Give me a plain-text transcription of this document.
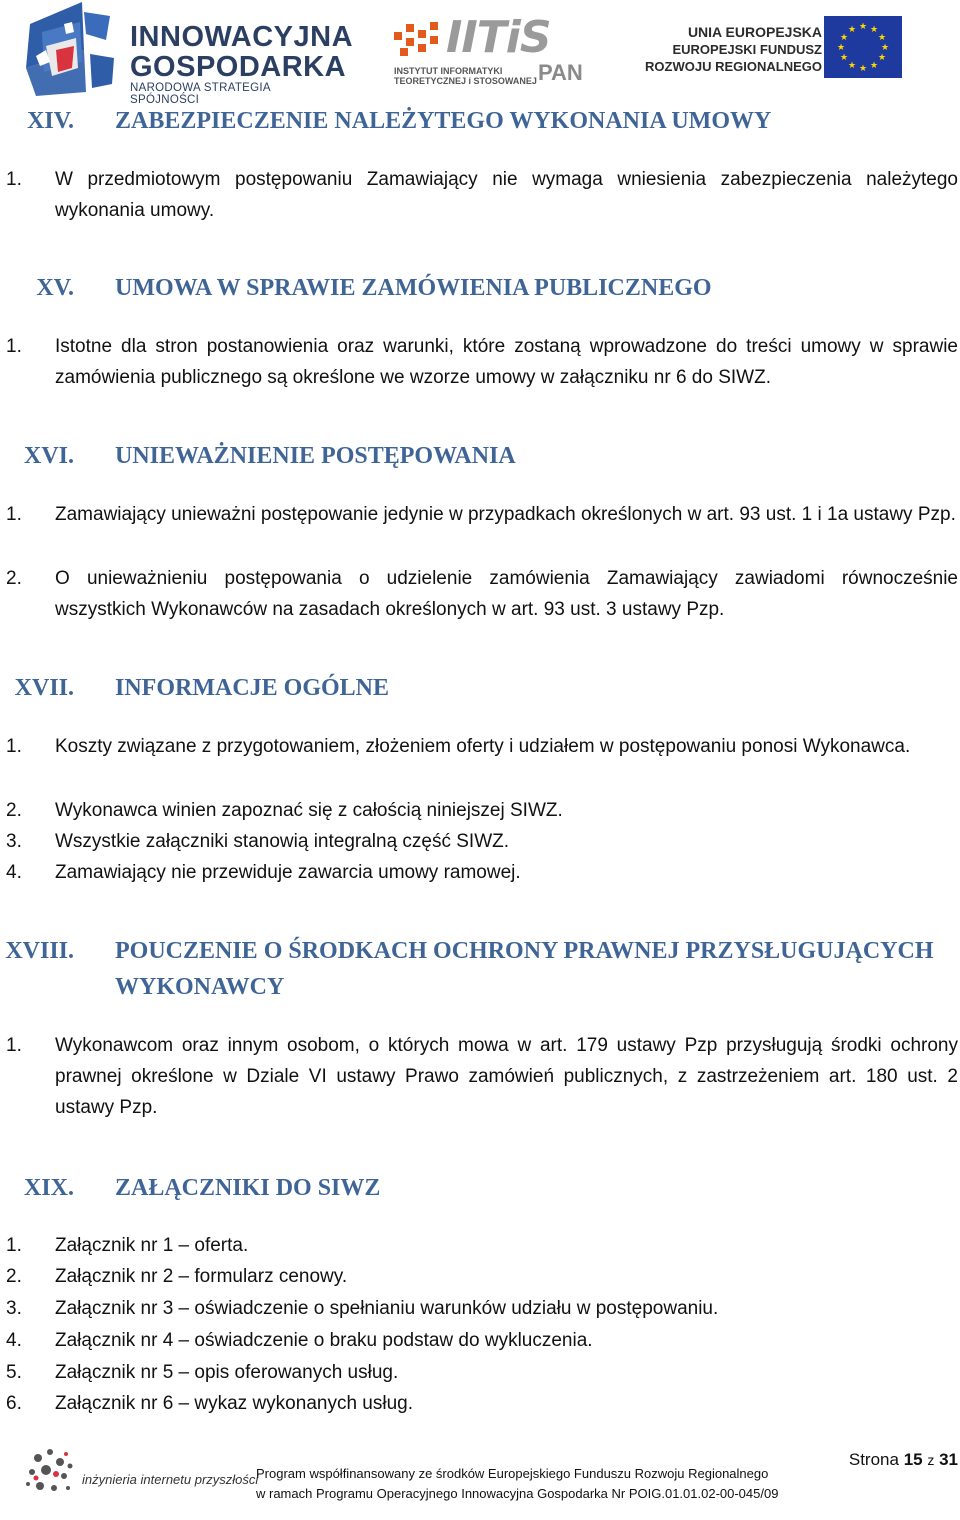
INNOWACYJNA
GOSPODARKA
NARODOWA STRATEGIA SPÓJNOŚCI
IITiS
INSTYTUT INFORMATYKI
TEORETYCZNEJ i STOSOWANEJ PAN
UNIA EUROPEJSKA
EUROPEJSKI FUNDUSZ
ROZWOJU REGIONALNEGO
★ ★
★
★
★
★
★
★
★
★
★
★
XIV. ZABEZPIECZENIE NALEŻYTEGO WYKONANIA UMOWY
1. W przedmiotowym postępowaniu Zamawiający nie wymaga wniesienia zabezpieczenia należytego wykonania umowy.
XV. UMOWA W SPRAWIE ZAMÓWIENIA PUBLICZNEGO
1. Istotne dla stron postanowienia oraz warunki, które zostaną wprowadzone do treści umowy w sprawie zamówienia publicznego są określone we wzorze umowy w załączniku nr 6 do SIWZ.
XVI. UNIEWAŻNIENIE POSTĘPOWANIA
1. Zamawiający unieważni postępowanie jedynie w przypadkach określonych w art. 93 ust. 1 i 1a ustawy Pzp.
2. O unieważnieniu postępowania o udzielenie zamówienia Zamawiający zawiadomi równocześnie wszystkich Wykonawców na zasadach określonych w art. 93 ust. 3 ustawy Pzp.
XVII. INFORMACJE OGÓLNE
1. Koszty związane z przygotowaniem, złożeniem oferty i udziałem w postępowaniu ponosi Wykonawca.
2. Wykonawca winien zapoznać się z całością niniejszej SIWZ.
3. Wszystkie załączniki stanowią integralną część SIWZ.
4. Zamawiający nie przewiduje zawarcia umowy ramowej.
XVIII. POUCZENIE O ŚRODKACH OCHRONY PRAWNEJ PRZYSŁUGUJĄCYCH WYKONAWCY
1. Wykonawcom oraz innym osobom, o których mowa w art. 179 ustawy Pzp przysługują środki ochrony prawnej określone w Dziale VI ustawy Prawo zamówień publicznych, z zastrzeżeniem art. 180 ust. 2 ustawy Pzp.
XIX. ZAŁĄCZNIKI DO SIWZ
1. Załącznik nr 1 – oferta.
2. Załącznik nr 2 – formularz cenowy.
3. Załącznik nr 3 – oświadczenie o spełnianiu warunków udziału w postępowaniu.
4. Załącznik nr 4 – oświadczenie o braku podstaw do wykluczenia.
5. Załącznik nr 5 – opis oferowanych usług.
6. Załącznik nr 6 – wykaz wykonanych usług.
inżynieria internetu przyszłości
Program współfinansowany ze środków Europejskiego Funduszu Rozwoju Regionalnego
w ramach Programu Operacyjnego Innowacyjna Gospodarka Nr POIG.01.01.02-00-045/09
Strona 15 z 31
